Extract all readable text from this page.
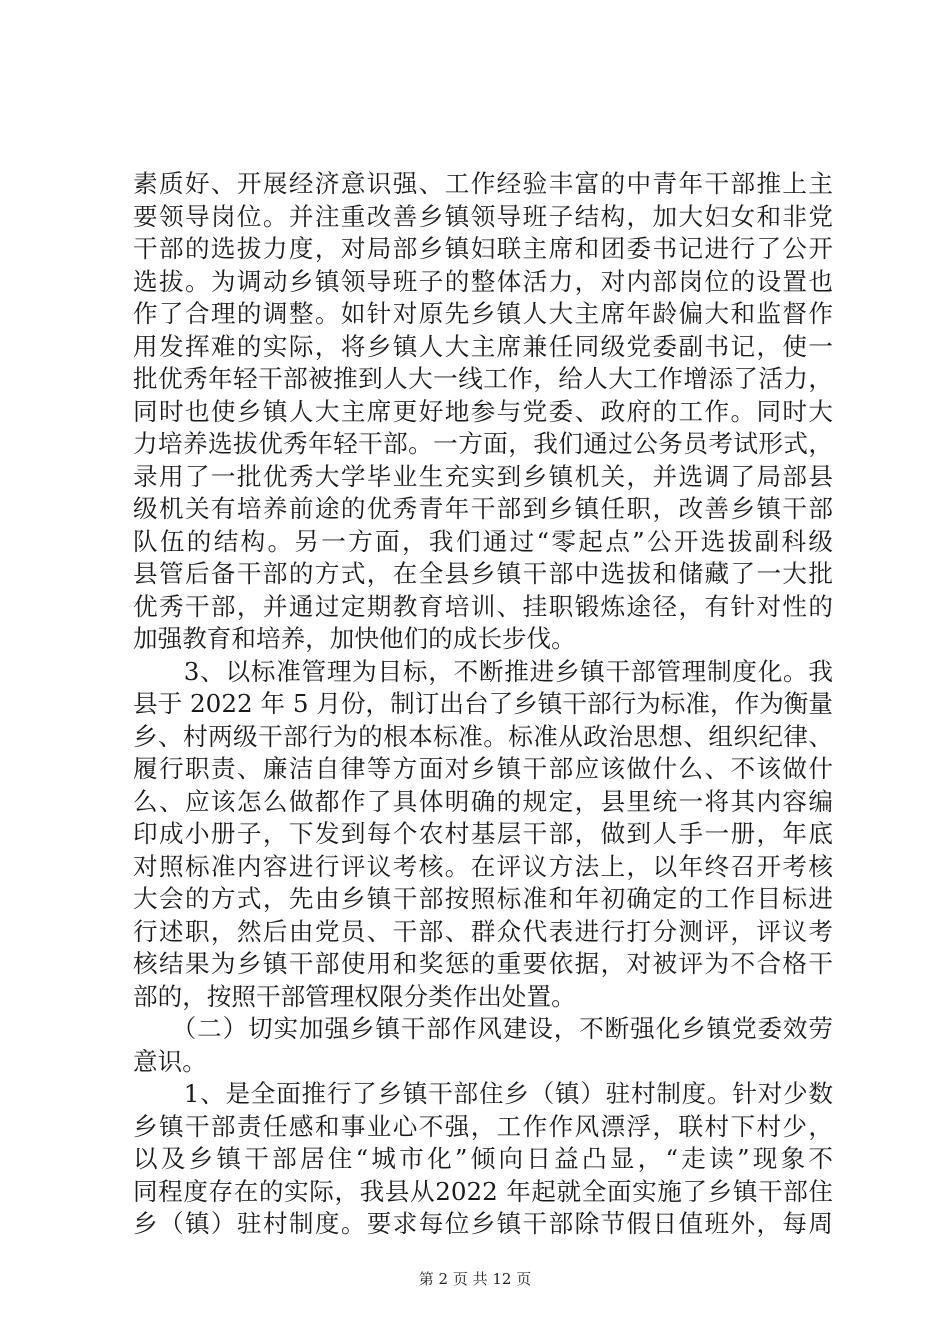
素质好、开展经济意识强、工作经验丰富的中青年干部推上主
要领导岗位。并注重改善乡镇领导班子结构，加大妇女和非党
干部的选拔力度，对局部乡镇妇联主席和团委书记进行了公开
选拔。为调动乡镇领导班子的整体活力，对内部岗位的设置也
作了合理的调整。如针对原先乡镇人大主席年龄偏大和监督作
用发挥难的实际，将乡镇人大主席兼任同级党委副书记，使一
批优秀年轻干部被推到人大一线工作，给人大工作增添了活力，
同时也使乡镇人大主席更好地参与党委、政府的工作。同时大
力培养选拔优秀年轻干部。一方面，我们通过公务员考试形式，
录用了一批优秀大学毕业生充实到乡镇机关，并选调了局部县
级机关有培养前途的优秀青年干部到乡镇任职，改善乡镇干部
队伍的结构。另一方面，我们通过“零起点”公开选拔副科级
县管后备干部的方式，在全县乡镇干部中选拔和储藏了一大批
优秀干部，并通过定期教育培训、挂职锻炼途径，有针对性的
加强教育和培养，加快他们的成长步伐。
　　3、以标准管理为目标，不断推进乡镇干部管理制度化。我
县于 2022 年 5 月份，制订出台了乡镇干部行为标准，作为衡量
乡、村两级干部行为的根本标准。标准从政治思想、组织纪律、
履行职责、廉洁自律等方面对乡镇干部应该做什么、不该做什
么、应该怎么做都作了具体明确的规定，县里统一将其内容编
印成小册子，下发到每个农村基层干部，做到人手一册，年底
对照标准内容进行评议考核。在评议方法上，以年终召开考核
大会的方式，先由乡镇干部按照标准和年初确定的工作目标进
行述职，然后由党员、干部、群众代表进行打分测评，评议考
核结果为乡镇干部使用和奖惩的重要依据，对被评为不合格干
部的，按照干部管理权限分类作出处置。
　　（二）切实加强乡镇干部作风建设，不断强化乡镇党委效劳
意识。
　　1、是全面推行了乡镇干部住乡（镇）驻村制度。针对少数
乡镇干部责任感和事业心不强，工作作风漂浮，联村下村少，
以及乡镇干部居住“城市化”倾向日益凸显，“走读”现象不
同程度存在的实际，我县从2022 年起就全面实施了乡镇干部住
乡（镇）驻村制度。要求每位乡镇干部除节假日值班外，每周
第 2 页 共 12 页
